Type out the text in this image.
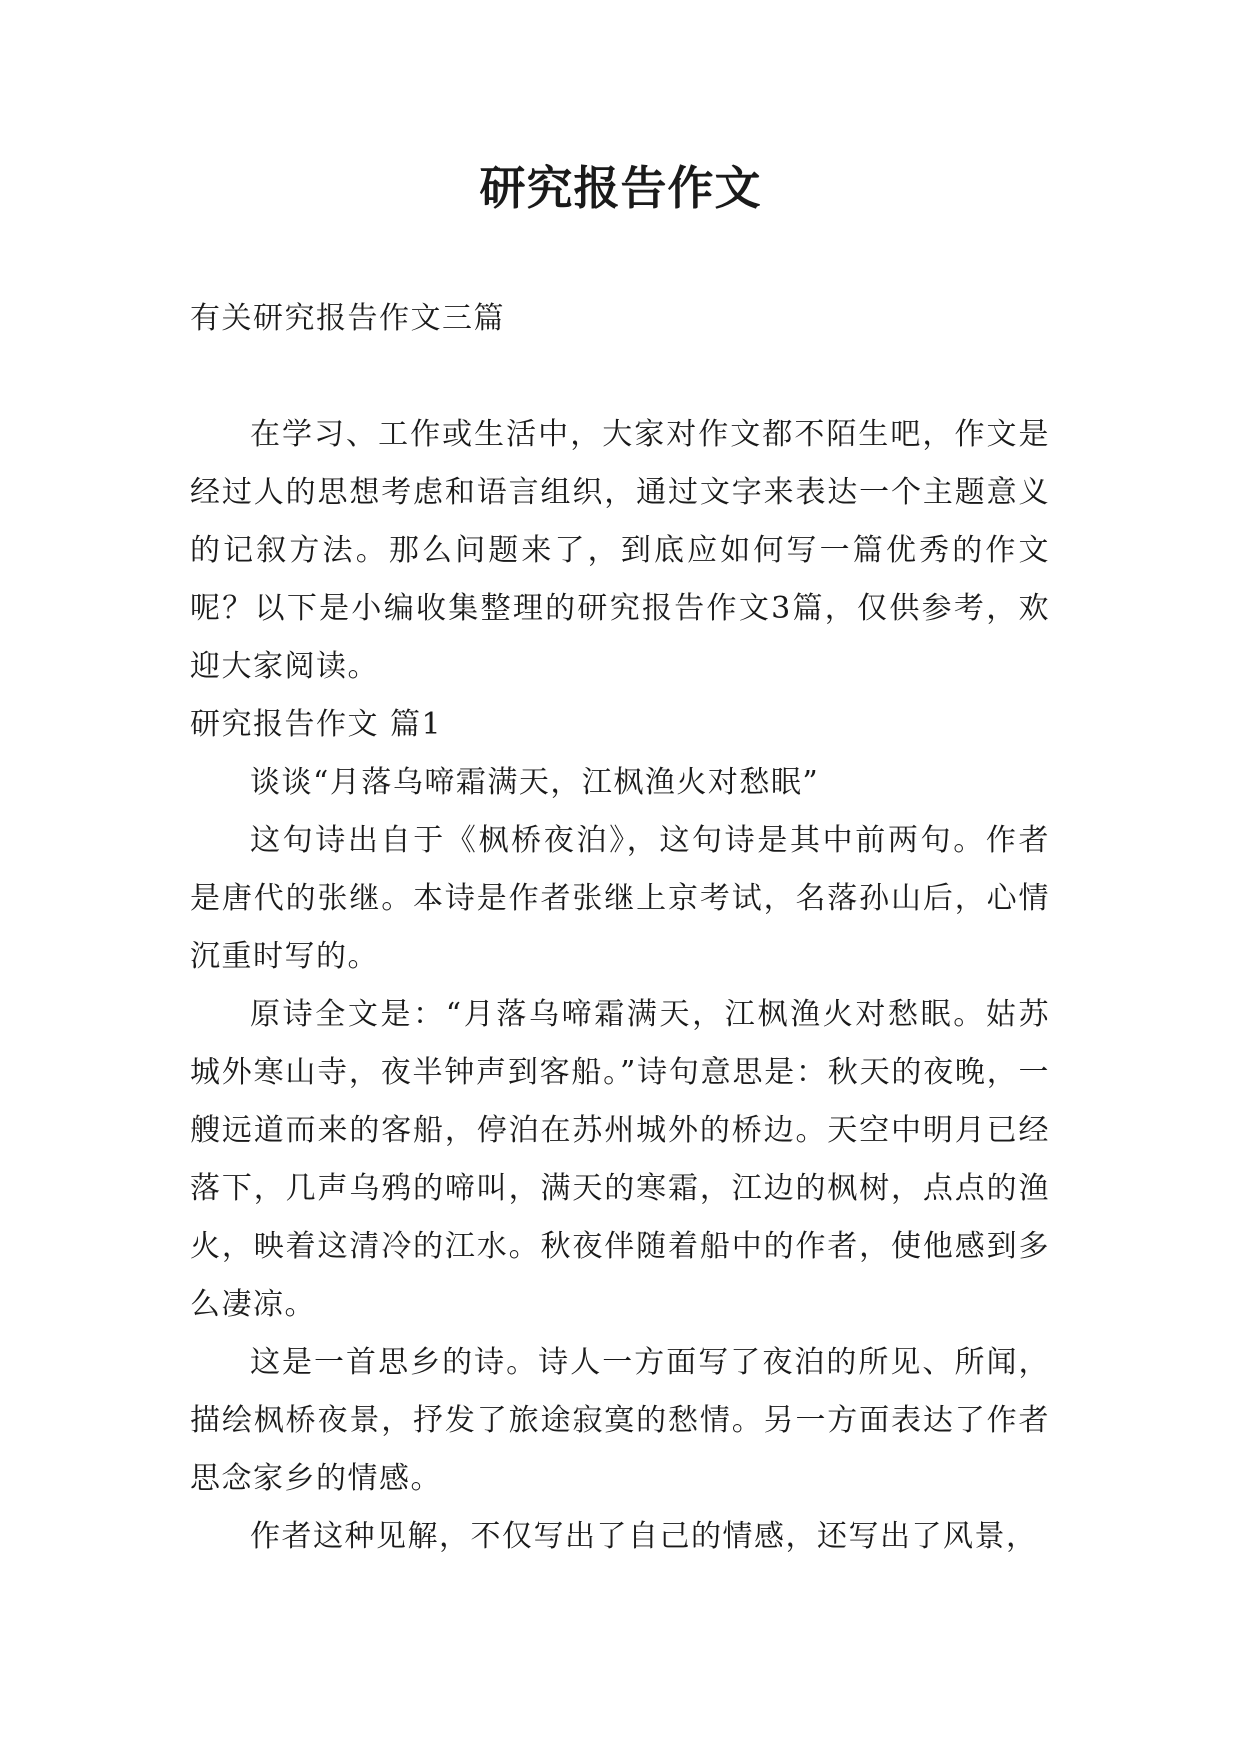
研究报告作文

有关研究报告作文三篇

在学习、工作或生活中，大家对作文都不陌生吧，作文是经过人的思想考虑和语言组织，通过文字来表达一个主题意义的记叙方法。那么问题来了，到底应如何写一篇优秀的作文呢？以下是小编收集整理的研究报告作文3篇，仅供参考，欢迎大家阅读。

研究报告作文 篇1

谈谈“月落乌啼霜满天，江枫渔火对愁眠”

这句诗出自于《枫桥夜泊》，这句诗是其中前两句。作者是唐代的张继。本诗是作者张继上京考试，名落孙山后，心情沉重时写的。

原诗全文是：“月落乌啼霜满天，江枫渔火对愁眠。姑苏城外寒山寺，夜半钟声到客船。”诗句意思是：秋天的夜晚，一艘远道而来的客船，停泊在苏州城外的桥边。天空中明月已经落下，几声乌鸦的啼叫，满天的寒霜，江边的枫树，点点的渔火，映着这清冷的江水。秋夜伴随着船中的作者，使他感到多么凄凉。

这是一首思乡的诗。诗人一方面写了夜泊的所见、所闻，描绘枫桥夜景，抒发了旅途寂寞的愁情。另一方面表达了作者思念家乡的情感。

作者这种见解，不仅写出了自己的情感，还写出了风景，
